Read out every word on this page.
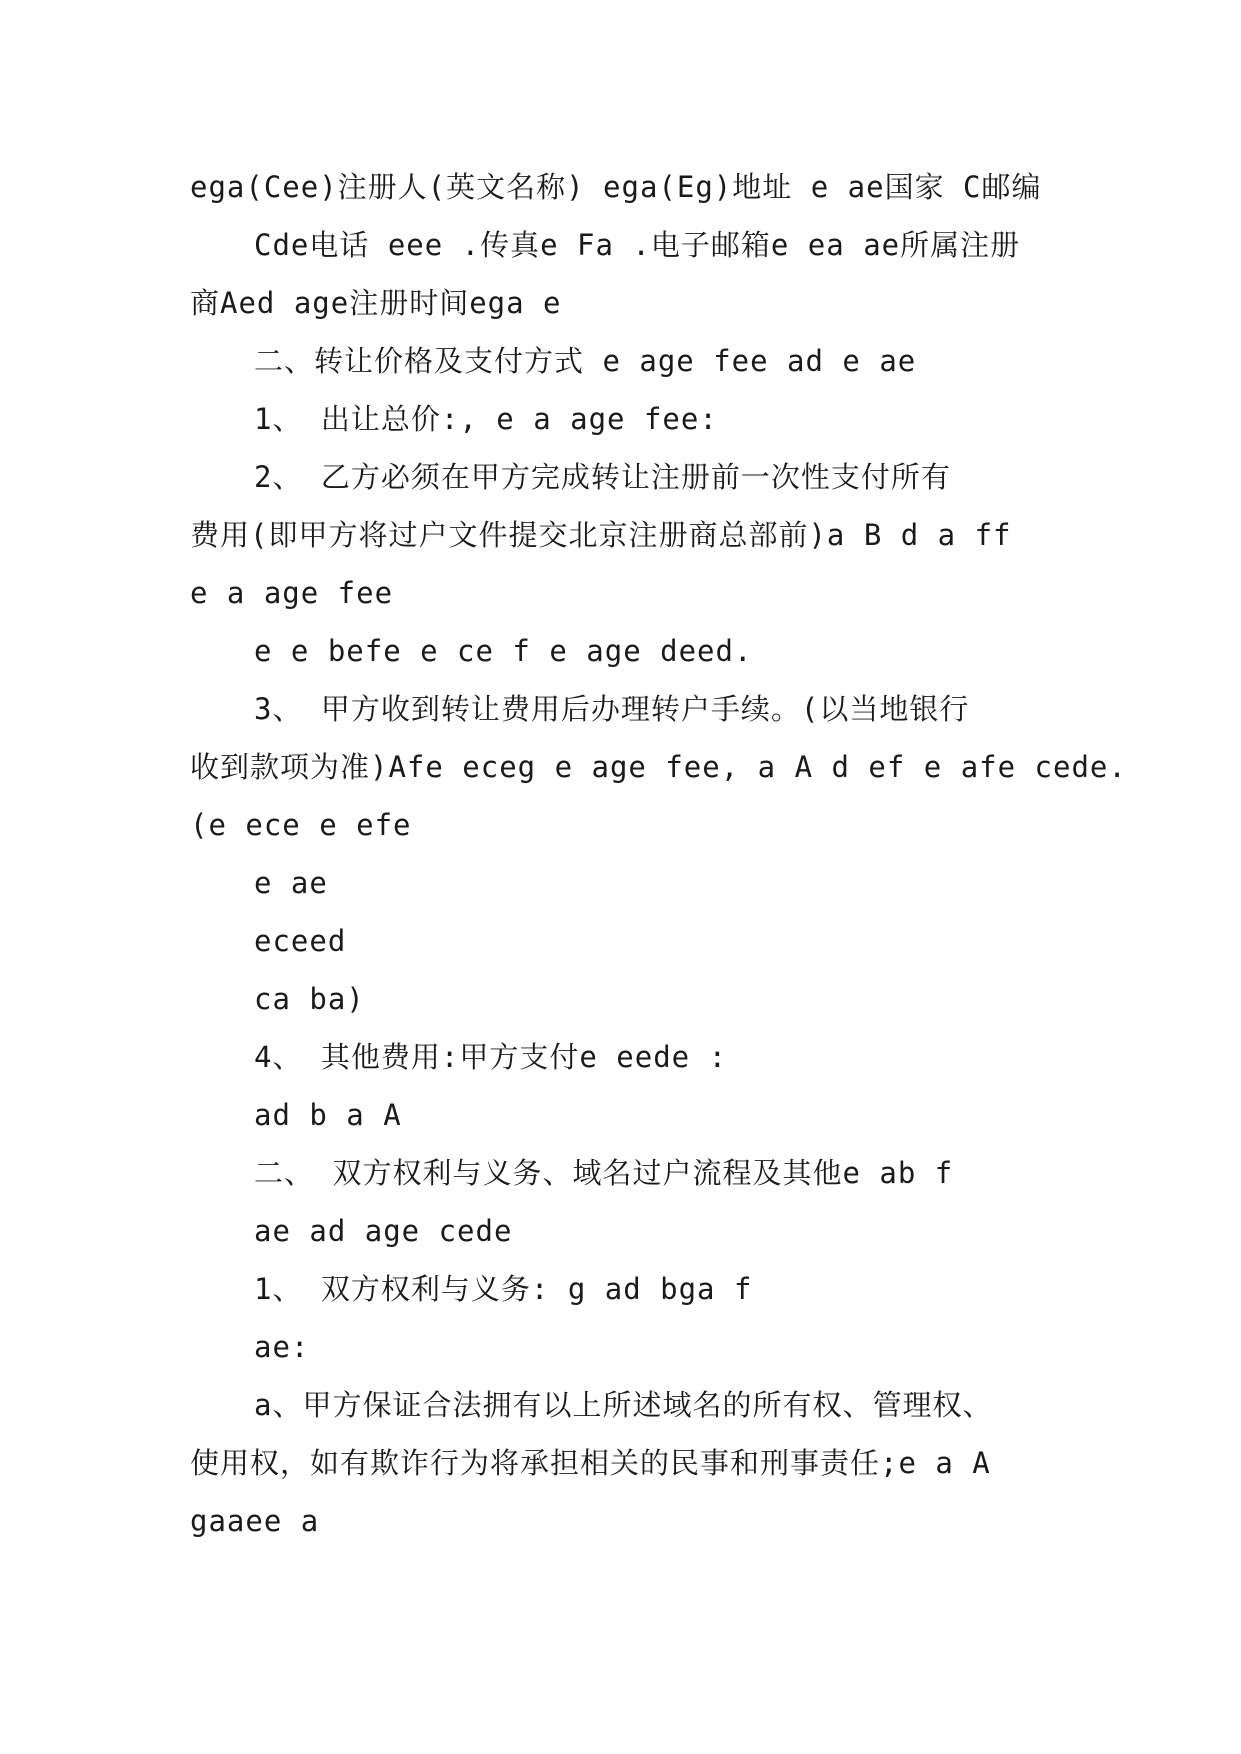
ega(Cee)注册人(英文名称) ega(Eg)地址 e ae国家 C邮编
Cde电话 eee .传真e Fa .电子邮箱e ea ae所属注册
商Aed age注册时间ega e
二、转让价格及支付方式 e age fee ad e ae
1、 出让总价:, e a age fee:
2、 乙方必须在甲方完成转让注册前一次性支付所有
费用(即甲方将过户文件提交北京注册商总部前)a B d a ff
e a age fee
e e befe e ce f e age deed.
3、 甲方收到转让费用后办理转户手续。(以当地银行
收到款项为准)Afe eceg e age fee, a A d ef e afe cede.
(e ece e efe
e ae
eceed
ca ba)
4、 其他费用:甲方支付e eede :
ad b a A
二、 双方权利与义务、域名过户流程及其他e ab f
ae ad age cede
1、 双方权利与义务: g ad bga f
ae:
a、甲方保证合法拥有以上所述域名的所有权、管理权、
使用权，如有欺诈行为将承担相关的民事和刑事责任;e a A
gaaee a
